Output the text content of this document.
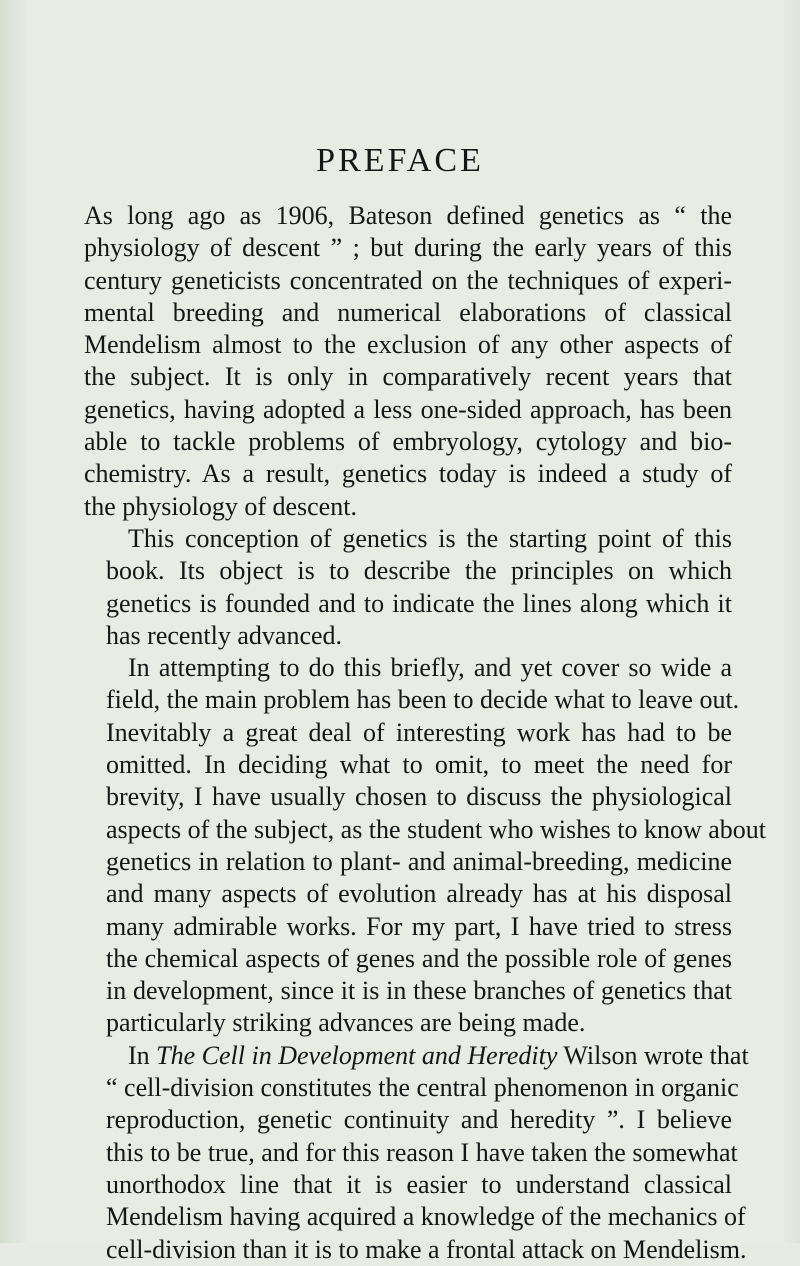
PREFACE
As long ago as 1906, Bateson defined genetics as “ the
physiology of descent ” ; but during the early years of this
century geneticists concentrated on the techniques of experi-
mental breeding and numerical elaborations of classical
Mendelism almost to the exclusion of any other aspects of
the subject. It is only in comparatively recent years that
genetics, having adopted a less one-sided approach, has been
able to tackle problems of embryology, cytology and bio-
chemistry. As a result, genetics today is indeed a study of
the physiology of descent.
This conception of genetics is the starting point of this
book. Its object is to describe the principles on which
genetics is founded and to indicate the lines along which it
has recently advanced.
In attempting to do this briefly, and yet cover so wide a
field, the main problem has been to decide what to leave out.
Inevitably a great deal of interesting work has had to be
omitted. In deciding what to omit, to meet the need for
brevity, I have usually chosen to discuss the physiological
aspects of the subject, as the student who wishes to know about
genetics in relation to plant- and animal-breeding, medicine
and many aspects of evolution already has at his disposal
many admirable works. For my part, I have tried to stress
the chemical aspects of genes and the possible role of genes
in development, since it is in these branches of genetics that
particularly striking advances are being made.
In The Cell in Development and Heredity Wilson wrote that
“ cell-division constitutes the central phenomenon in organic
reproduction, genetic continuity and heredity ”. I believe
this to be true, and for this reason I have taken the somewhat
unorthodox line that it is easier to understand classical
Mendelism having acquired a knowledge of the mechanics of
cell-division than it is to make a frontal attack on Mendelism.
